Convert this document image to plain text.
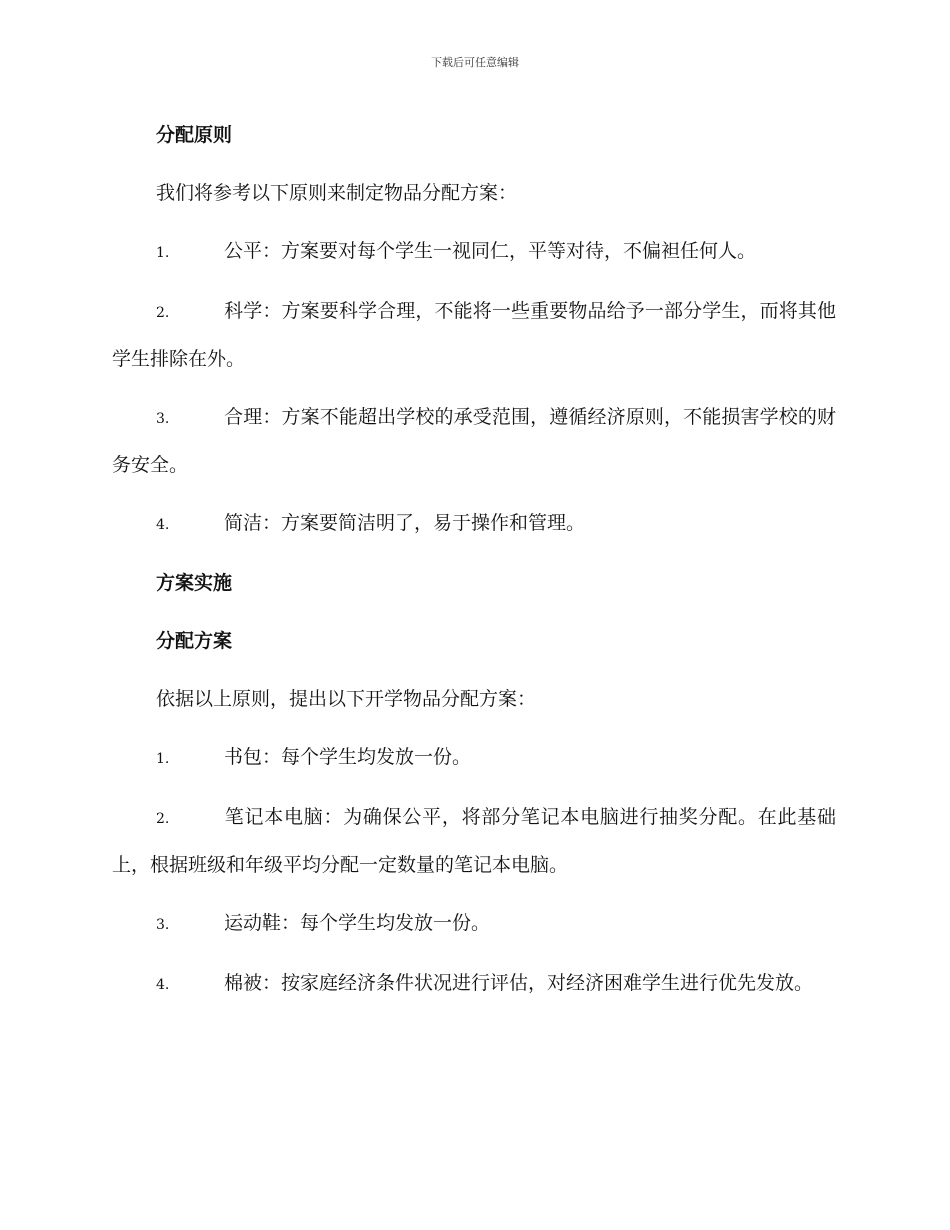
下载后可任意编辑
分配原则
我们将参考以下原则来制定物品分配方案：
1.	公平：方案要对每个学生一视同仁，平等对待，不偏袒任何人。
2.	科学：方案要科学合理，不能将一些重要物品给予一部分学生，而将其他学生排除在外。
3.	合理：方案不能超出学校的承受范围，遵循经济原则，不能损害学校的财务安全。
4.	简洁：方案要简洁明了，易于操作和管理。
方案实施
分配方案
依据以上原则，提出以下开学物品分配方案：
1.	书包：每个学生均发放一份。
2.	笔记本电脑：为确保公平，将部分笔记本电脑进行抽奖分配。在此基础上，根据班级和年级平均分配一定数量的笔记本电脑。
3.	运动鞋：每个学生均发放一份。
4.	棉被：按家庭经济条件状况进行评估，对经济困难学生进行优先发放。
